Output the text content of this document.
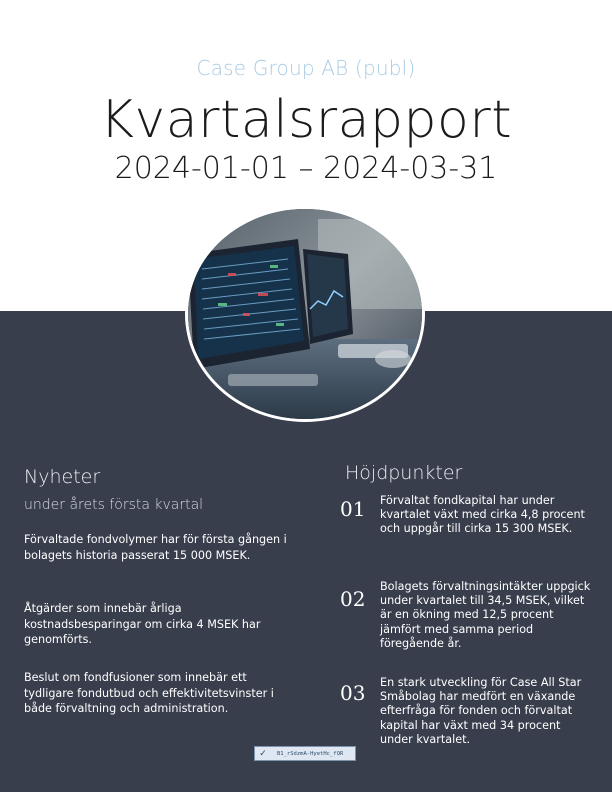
Case Group AB (publ)
Kvartalsrapport
2024-01-01 – 2024-03-31
Nyheter
under årets första kvartal
Förvaltade fondvolymer har för första gången i bolagets historia passerat 15 000 MSEK.
Åtgärder som innebär årliga kostnadsbesparingar om cirka 4 MSEK har genomförts.
Beslut om fondfusioner som innebär ett tydligare fondutbud och effektivitetsvinster i både förvaltning och administration.
Höjdpunkter
01 Förvaltat fondkapital har under kvartalet växt med cirka 4,8 procent och uppgår till cirka 15 300 MSEK.
02
Bolagets förvaltningsintäkter uppgick under kvartalet till 34,5 MSEK, vilket är en ökning med 12,5 procent jämfört med samma period föregående år.
03 En stark utveckling för Case All Star Småbolag har medfört en växande efterfråga för fonden och förvaltat kapital har växt med 34 procent under kvartalet.
✓	B1_rSdzmA-HyetHc_fQR
